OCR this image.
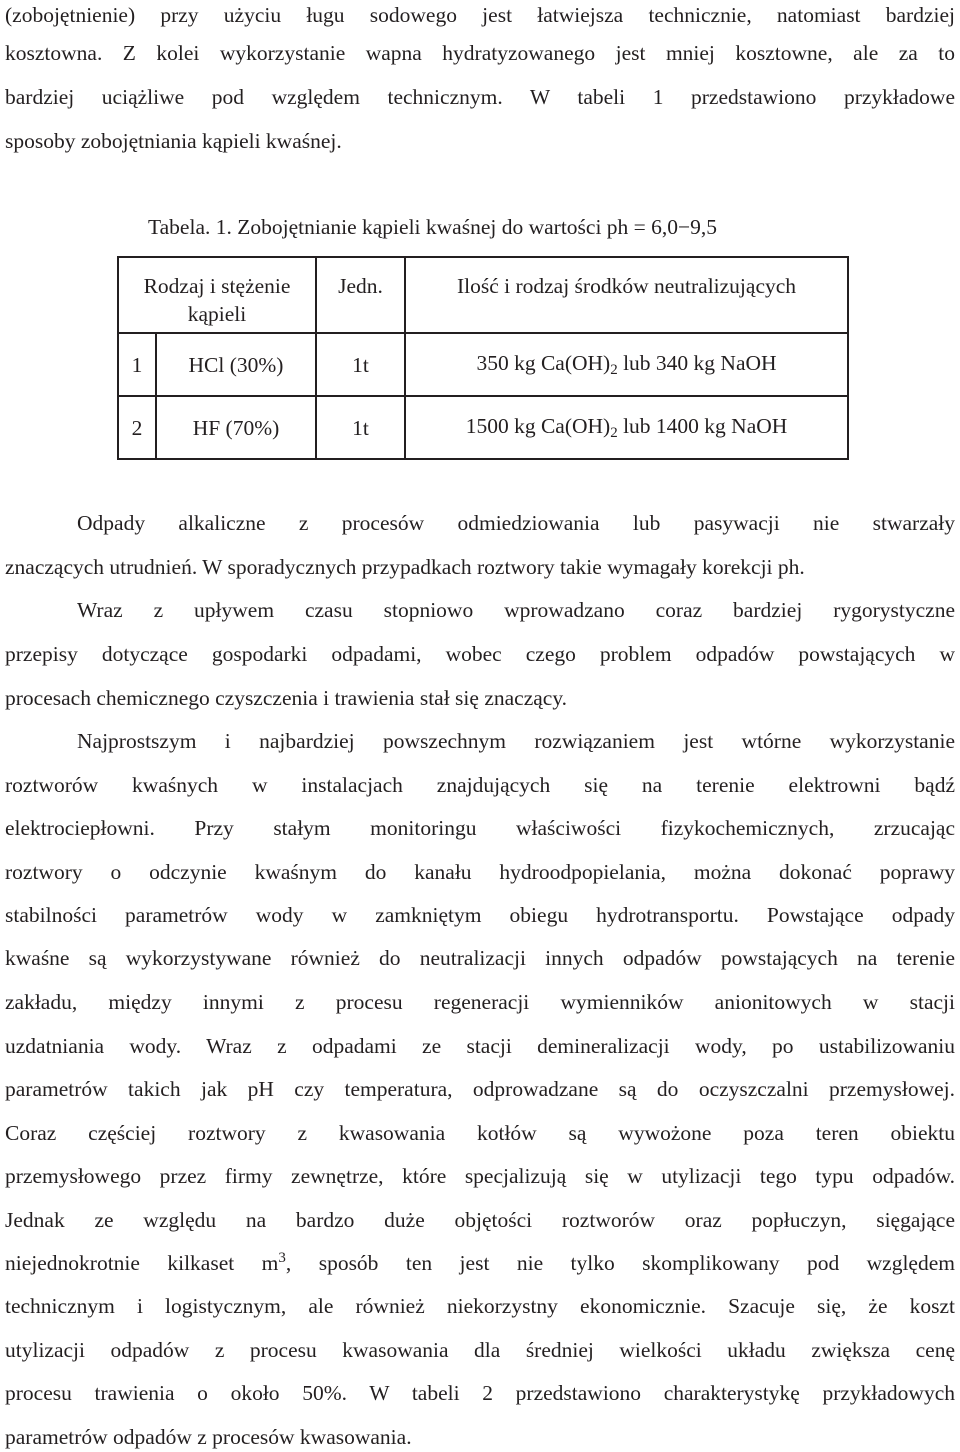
(zobojętnienie) przy użyciu ługu sodowego jest łatwiejsza technicznie, natomiast bardziej
kosztowna. Z kolei wykorzystanie wapna hydratyzowanego jest mniej kosztowne, ale za to
bardziej uciążliwe pod względem technicznym. W tabeli 1 przedstawiono przykładowe
sposoby zobojętniania kąpieli kwaśnej.
Tabela. 1. Zobojętnianie kąpieli kwaśnej do wartości ph = 6,0−9,5
Rodzaj i stężenie
kąpieli		Jedn.	Ilość i rodzaj środków neutralizujących
1	HCl (30%)	1t	350 kg $Ca(OH)_2$ lub 340 kg NaOH
2	HF (70%)	1t	1500 kg $Ca(OH)_2$ lub 1400 kg NaOH
Odpady alkaliczne z procesów odmiedziowania lub pasywacji nie stwarzały
znaczących utrudnień. W sporadycznych przypadkach roztwory takie wymagały korekcji ph.
Wraz z upływem czasu stopniowo wprowadzano coraz bardziej rygorystyczne
przepisy dotyczące gospodarki odpadami, wobec czego problem odpadów powstających w
procesach chemicznego czyszczenia i trawienia stał się znaczący.
Najprostszym i najbardziej powszechnym rozwiązaniem jest wtórne wykorzystanie
roztworów kwaśnych w instalacjach znajdujących się na terenie elektrowni bądź
elektrociepłowni. Przy stałym monitoringu właściwości fizykochemicznych, zrzucając
roztwory o odczynie kwaśnym do kanału hydroodpopielania, można dokonać poprawy
stabilności parametrów wody w zamkniętym obiegu hydrotransportu. Powstające odpady
kwaśne są wykorzystywane również do neutralizacji innych odpadów powstających na terenie
zakładu, między innymi z procesu regeneracji wymienników anionitowych w stacji
uzdatniania wody. Wraz z odpadami ze stacji demineralizacji wody, po ustabilizowaniu
parametrów takich jak pH czy temperatura, odprowadzane są do oczyszczalni przemysłowej.
Coraz częściej roztwory z kwasowania kotłów są wywożone poza teren obiektu
przemysłowego przez firmy zewnętrze, które specjalizują się w utylizacji tego typu odpadów.
Jednak ze względu na bardzo duże objętości roztworów oraz popłuczyn, sięgające
niejednokrotnie kilkaset $m^3$, sposób ten jest nie tylko skomplikowany pod względem
technicznym i logistycznym, ale również niekorzystny ekonomicznie. Szacuje się, że koszt
utylizacji odpadów z procesu kwasowania dla średniej wielkości układu zwiększa cenę
procesu trawienia o około 50%. W tabeli 2 przedstawiono charakterystykę przykładowych
parametrów odpadów z procesów kwasowania.
